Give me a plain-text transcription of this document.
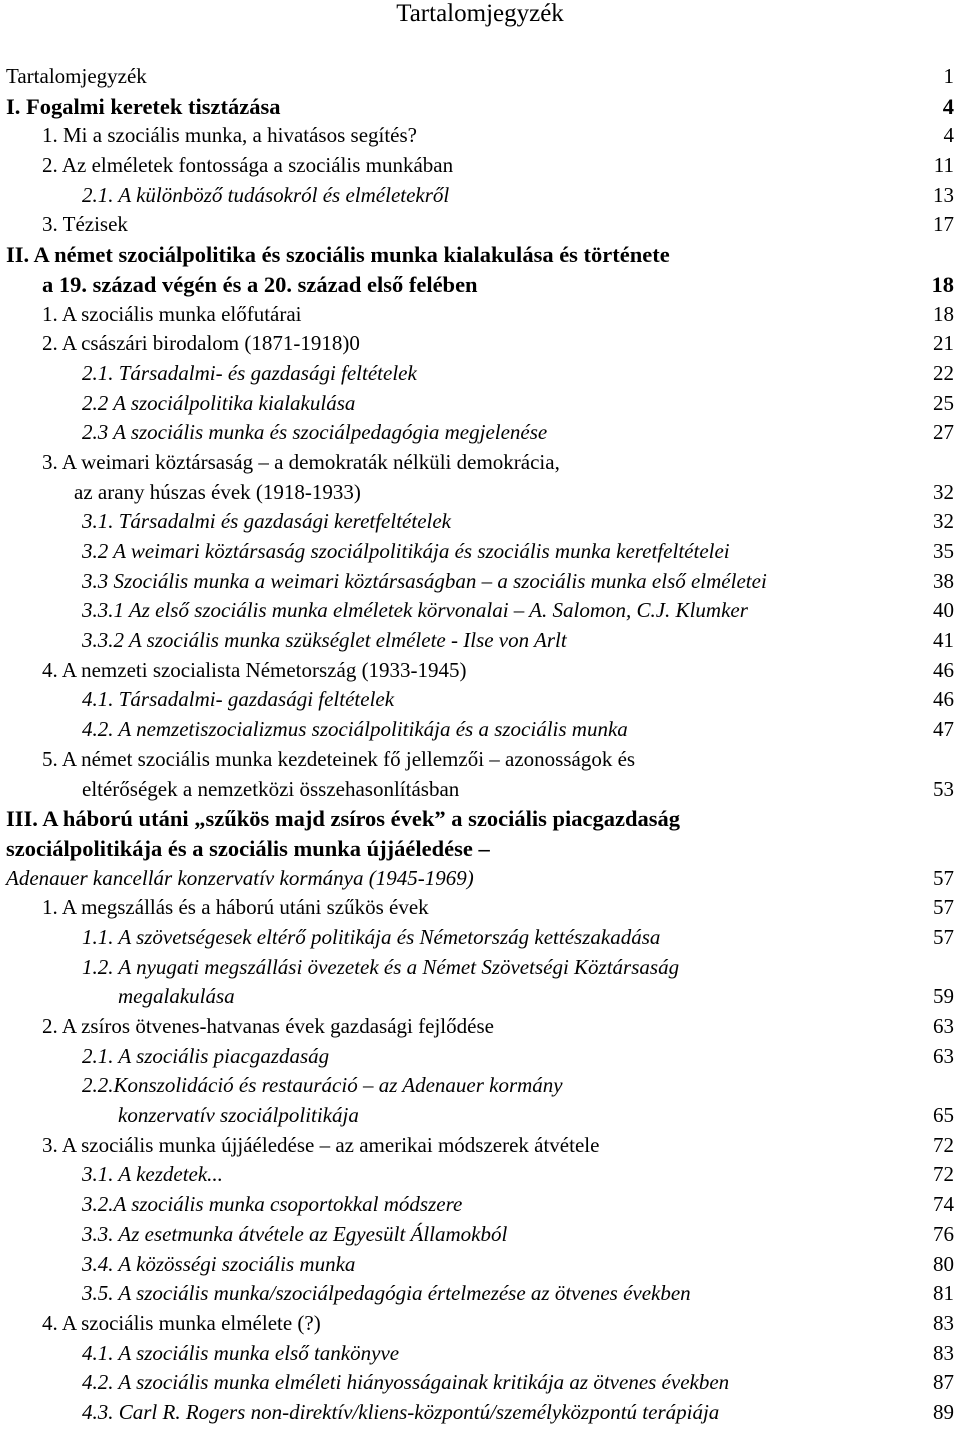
Tartalomjegyzék
Tartalomjegyzék	1
I. Fogalmi keretek tisztázása	4
1. Mi a szociális munka, a hivatásos segítés?	4
2. Az elméletek fontossága a szociális munkában	11
2.1. A különböző tudásokról és elméletekről	13
3. Tézisek	17
II. A német szociálpolitika és szociális munka kialakulása és története
a 19. század végén és a 20. század első felében	18
1. A szociális munka előfutárai	18
2. A császári birodalom (1871-1918)0	21
2.1. Társadalmi- és gazdasági feltételek	22
2.2 A szociálpolitika kialakulása	25
2.3 A szociális munka és szociálpedagógia megjelenése	27
3. A weimari köztársaság – a demokraták nélküli demokrácia,
az arany húszas évek (1918-1933)	32
3.1. Társadalmi és gazdasági keretfeltételek	32
3.2 A weimari köztársaság szociálpolitikája és szociális munka keretfeltételei	35
3.3 Szociális munka a weimari köztársaságban – a szociális munka első elméletei	38
3.3.1 Az első szociális munka elméletek körvonalai – A. Salomon, C.J. Klumker	40
3.3.2 A szociális munka szükséglet elmélete - Ilse von Arlt	41
4. A nemzeti szocialista Németország (1933-1945)	46
4.1. Társadalmi- gazdasági feltételek	46
4.2. A nemzetiszocializmus szociálpolitikája és a szociális munka	47
5. A német szociális munka kezdeteinek fő jellemzői – azonosságok és
eltérőségek a nemzetközi összehasonlításban	53
III. A háború utáni „szűkös majd zsíros évek” a szociális piacgazdaság
szociálpolitikája és a szociális munka újjáéledése –
Adenauer kancellár konzervatív kormánya (1945-1969)	57
1. A megszállás és a háború utáni szűkös évek	57
1.1. A szövetségesek eltérő politikája és Németország kettészakadása	57
1.2. A nyugati megszállási övezetek és a Német Szövetségi Köztársaság
megalakulása	59
2. A zsíros ötvenes-hatvanas évek gazdasági fejlődése	63
2.1. A szociális piacgazdaság	63
2.2.Konszolidáció és restauráció – az Adenauer kormány
konzervatív szociálpolitikája	65
3. A szociális munka újjáéledése – az amerikai módszerek átvétele	72
3.1. A kezdetek...	72
3.2.A szociális munka csoportokkal módszere	74
3.3. Az esetmunka átvétele az Egyesült Államokból	76
3.4. A közösségi szociális munka	80
3.5. A szociális munka/szociálpedagógia értelmezése az ötvenes években	81
4. A szociális munka elmélete (?)	83
4.1. A szociális munka első tankönyve	83
4.2. A szociális munka elméleti hiányosságainak kritikája az ötvenes években	87
4.3. Carl R. Rogers non-direktív/kliens-központú/személyközpontú terápiája	89
